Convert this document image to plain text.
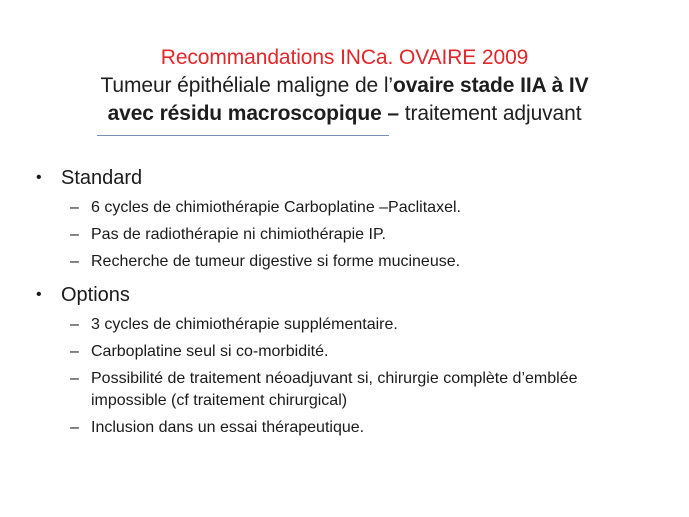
Recommandations INCa. OVAIRE 2009
Tumeur épithéliale maligne de l’ovaire stade IIA à IV
avec résidu macroscopique – traitement adjuvant
• Standard
– 6 cycles de chimiothérapie Carboplatine –Paclitaxel.
– Pas de radiothérapie ni chimiothérapie IP.
– Recherche de tumeur digestive si forme mucineuse.
• Options
– 3 cycles de chimiothérapie supplémentaire.
– Carboplatine seul si co-morbidité.
– Possibilité de traitement néoadjuvant si, chirurgie complète d’emblée
impossible (cf traitement chirurgical)
– Inclusion dans un essai thérapeutique.
